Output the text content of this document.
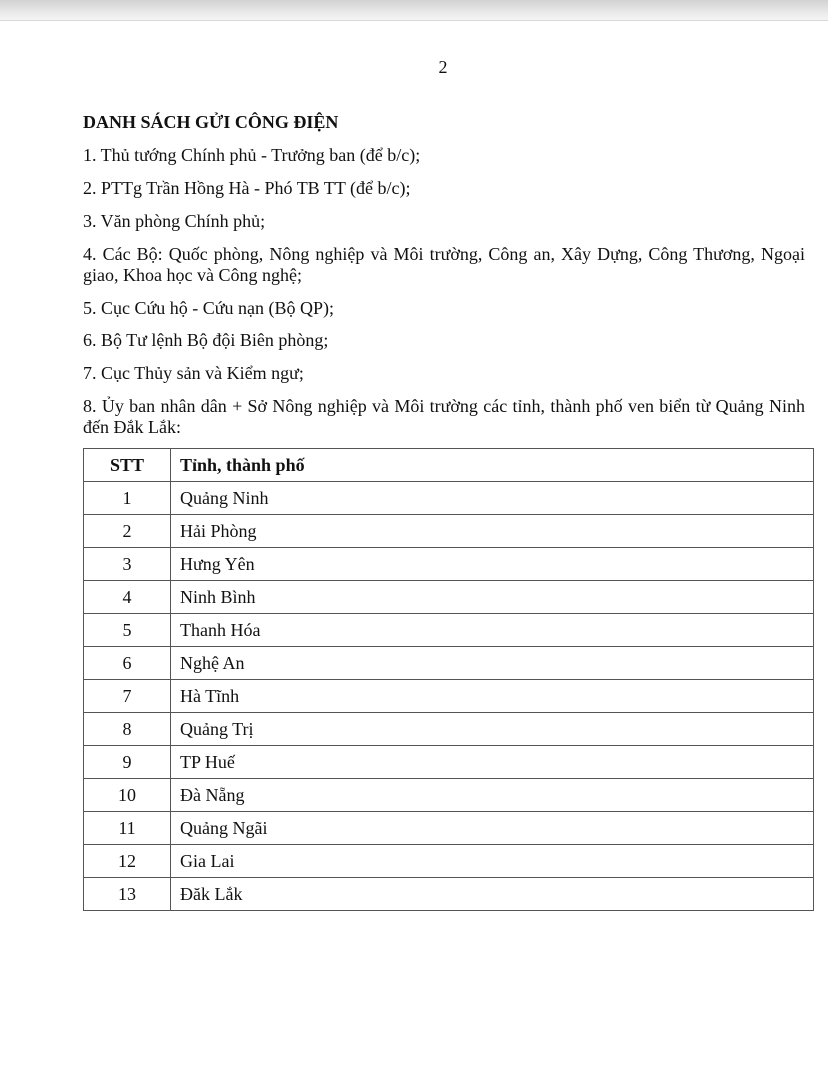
2
DANH SÁCH GỬI CÔNG ĐIỆN

1. Thủ tướng Chính phủ - Trưởng ban (để b/c);

2. PTTg Trần Hồng Hà - Phó TB TT (để b/c);

3. Văn phòng Chính phủ;

4. Các Bộ: Quốc phòng, Nông nghiệp và Môi trường, Công an, Xây Dựng, Công Thương, Ngoại giao, Khoa học và Công nghệ;

5. Cục Cứu hộ - Cứu nạn (Bộ QP);

6. Bộ Tư lệnh Bộ đội Biên phòng;

7. Cục Thủy sản và Kiểm ngư;

8. Ủy ban nhân dân + Sở Nông nghiệp và Môi trường các tỉnh, thành phố ven biển từ Quảng Ninh đến Đắk Lắk:

STT	Tỉnh, thành phố
1	Quảng Ninh
2	Hải Phòng
3	Hưng Yên
4	Ninh Bình
5	Thanh Hóa
6	Nghệ An
7	Hà Tĩnh
8	Quảng Trị
9	TP Huế
10	Đà Nẵng
11	Quảng Ngãi
12	Gia Lai
13	Đăk Lắk
